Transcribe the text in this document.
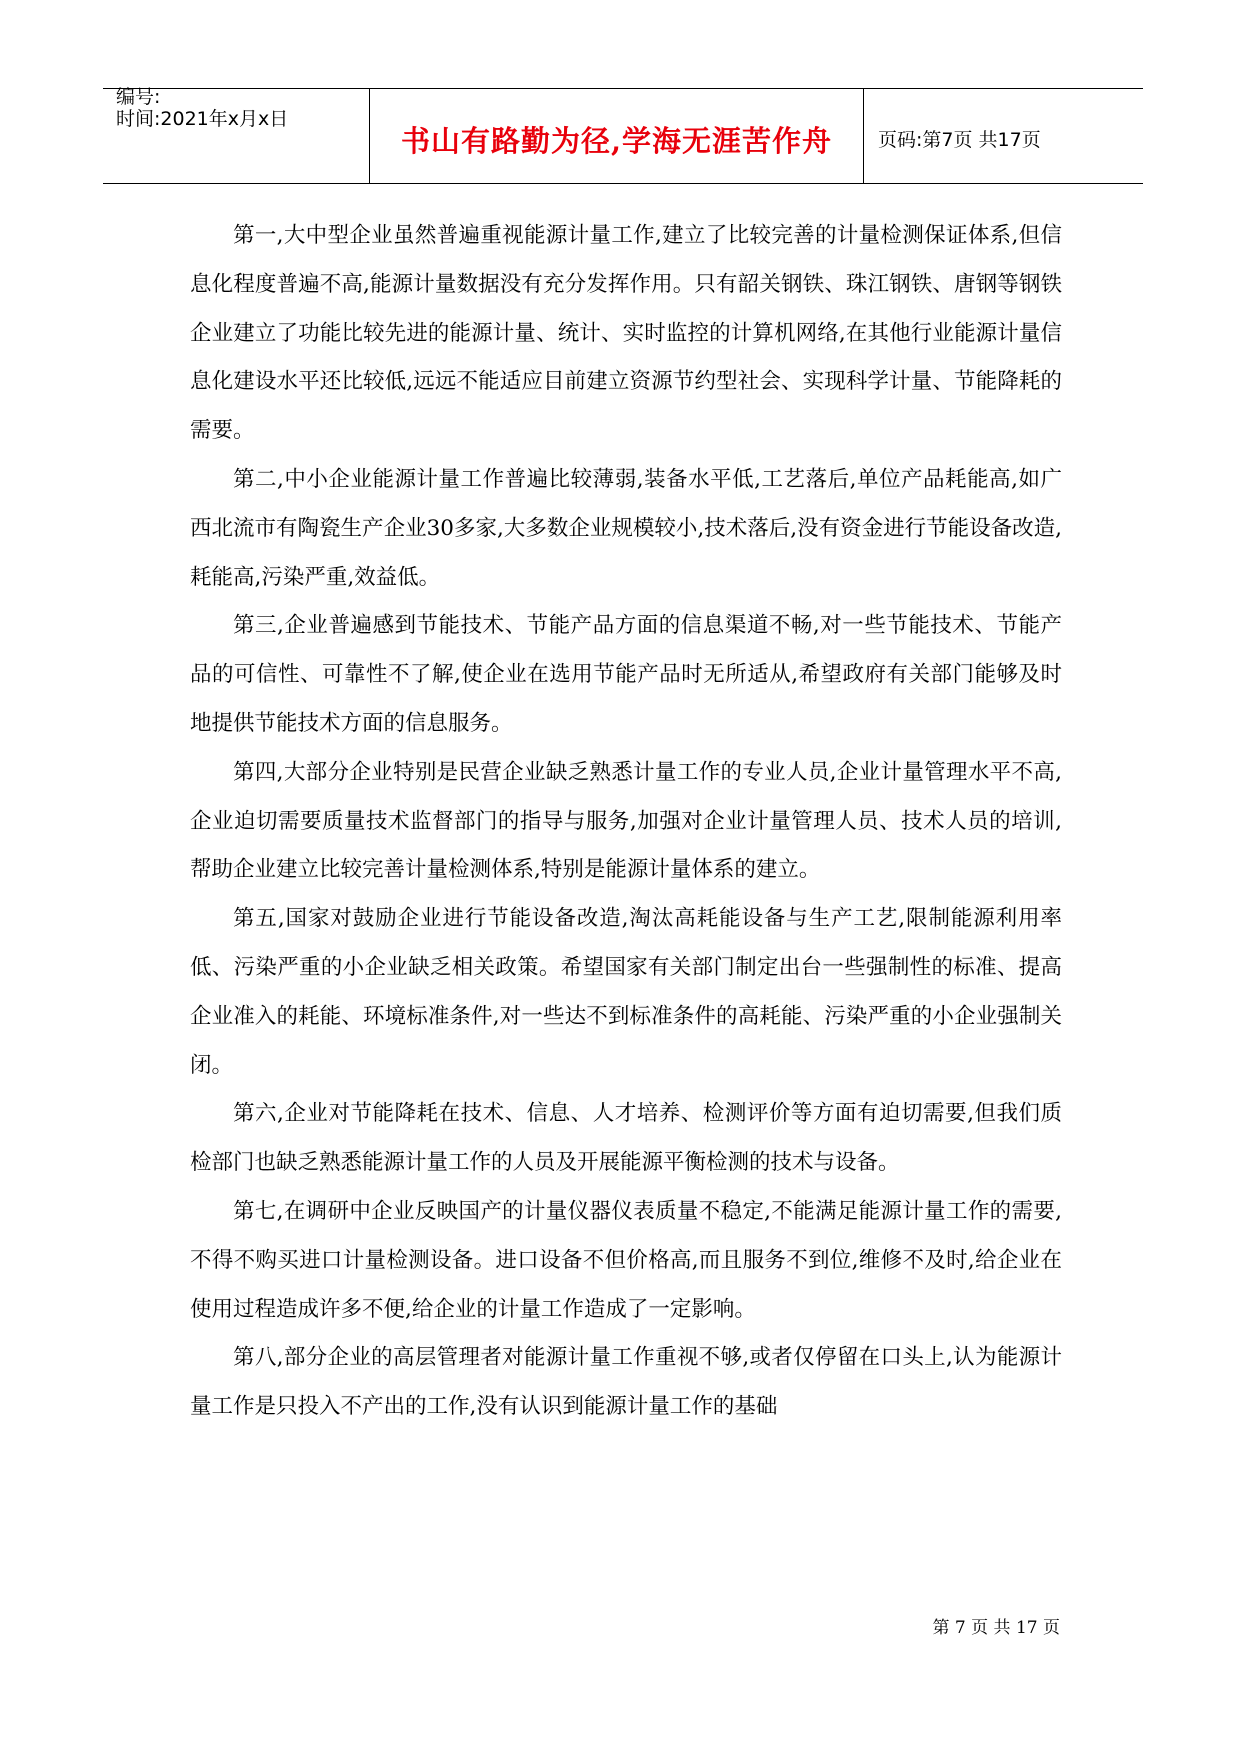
编号:
时间:2021年x月x日
书山有路勤为径,学海无涯苦作舟	页码:第7页 共17页

第一,大中型企业虽然普遍重视能源计量工作,建立了比较完善的计量检测保证体系,但信息化程度普遍不高,能源计量数据没有充分发挥作用。只有韶关钢铁、珠江钢铁、唐钢等钢铁企业建立了功能比较先进的能源计量、统计、实时监控的计算机网络,在其他行业能源计量信息化建设水平还比较低,远远不能适应目前建立资源节约型社会、实现科学计量、节能降耗的需要。

第二,中小企业能源计量工作普遍比较薄弱,装备水平低,工艺落后,单位产品耗能高,如广西北流市有陶瓷生产企业30多家,大多数企业规模较小,技术落后,没有资金进行节能设备改造,耗能高,污染严重,效益低。

第三,企业普遍感到节能技术、节能产品方面的信息渠道不畅,对一些节能技术、节能产品的可信性、可靠性不了解,使企业在选用节能产品时无所适从,希望政府有关部门能够及时地提供节能技术方面的信息服务。

第四,大部分企业特别是民营企业缺乏熟悉计量工作的专业人员,企业计量管理水平不高,企业迫切需要质量技术监督部门的指导与服务,加强对企业计量管理人员、技术人员的培训,帮助企业建立比较完善计量检测体系,特别是能源计量体系的建立。

第五,国家对鼓励企业进行节能设备改造,淘汰高耗能设备与生产工艺,限制能源利用率低、污染严重的小企业缺乏相关政策。希望国家有关部门制定出台一些强制性的标准、提高企业准入的耗能、环境标准条件,对一些达不到标准条件的高耗能、污染严重的小企业强制关闭。

第六,企业对节能降耗在技术、信息、人才培养、检测评价等方面有迫切需要,但我们质检部门也缺乏熟悉能源计量工作的人员及开展能源平衡检测的技术与设备。

第七,在调研中企业反映国产的计量仪器仪表质量不稳定,不能满足能源计量工作的需要,不得不购买进口计量检测设备。进口设备不但价格高,而且服务不到位,维修不及时,给企业在使用过程造成许多不便,给企业的计量工作造成了一定影响。

第八,部分企业的高层管理者对能源计量工作重视不够,或者仅停留在口头上,认为能源计量工作是只投入不产出的工作,没有认识到能源计量工作的基础

第 7 页 共 17 页
